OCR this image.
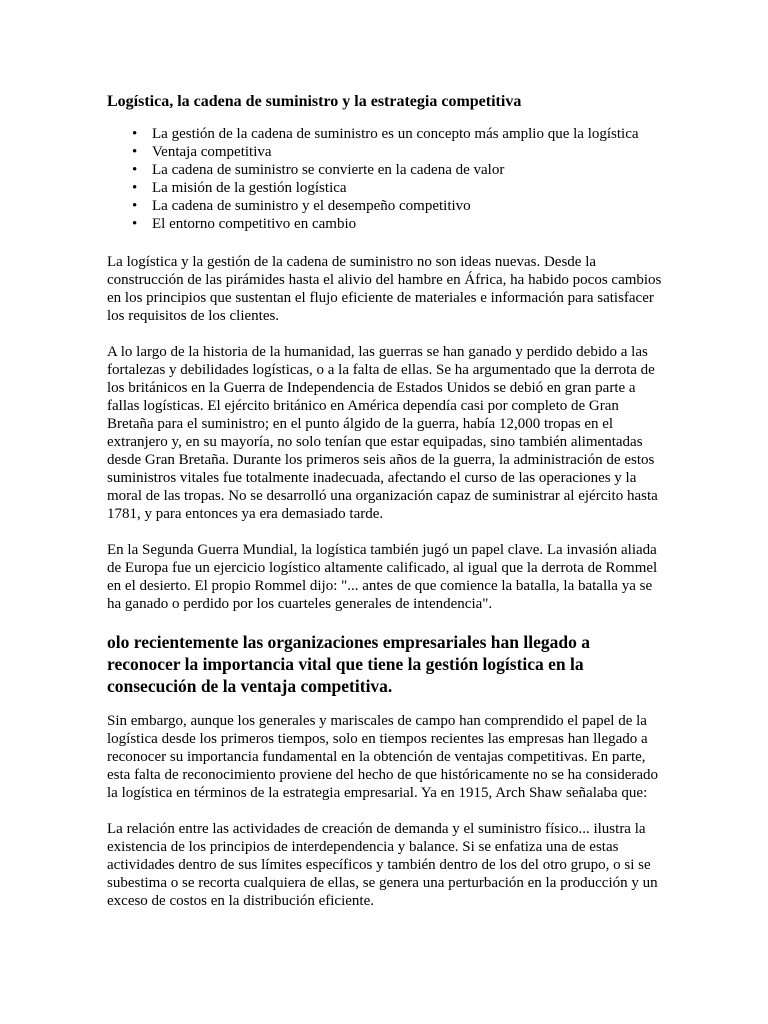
Logística, la cadena de suministro y la estrategia competitiva
• La gestión de la cadena de suministro es un concepto más amplio que la logística
• Ventaja competitiva
• La cadena de suministro se convierte en la cadena de valor
• La misión de la gestión logística
• La cadena de suministro y el desempeño competitivo
• El entorno competitivo en cambio

La logística y la gestión de la cadena de suministro no son ideas nuevas. Desde la construcción de las pirámides hasta el alivio del hambre en África, ha habido pocos cambios en los principios que sustentan el flujo eficiente de materiales e información para satisfacer los requisitos de los clientes.

A lo largo de la historia de la humanidad, las guerras se han ganado y perdido debido a las fortalezas y debilidades logísticas, o a la falta de ellas. Se ha argumentado que la derrota de los británicos en la Guerra de Independencia de Estados Unidos se debió en gran parte a fallas logísticas. El ejército británico en América dependía casi por completo de Gran Bretaña para el suministro; en el punto álgido de la guerra, había 12,000 tropas en el extranjero y, en su mayoría, no solo tenían que estar equipadas, sino también alimentadas desde Gran Bretaña. Durante los primeros seis años de la guerra, la administración de estos suministros vitales fue totalmente inadecuada, afectando el curso de las operaciones y la moral de las tropas. No se desarrolló una organización capaz de suministrar al ejército hasta 1781, y para entonces ya era demasiado tarde.

En la Segunda Guerra Mundial, la logística también jugó un papel clave. La invasión aliada de Europa fue un ejercicio logístico altamente calificado, al igual que la derrota de Rommel en el desierto. El propio Rommel dijo: "... antes de que comience la batalla, la batalla ya se ha ganado o perdido por los cuarteles generales de intendencia".

olo recientemente las organizaciones empresariales han llegado a reconocer la importancia vital que tiene la gestión logística en la consecución de la ventaja competitiva.

Sin embargo, aunque los generales y mariscales de campo han comprendido el papel de la logística desde los primeros tiempos, solo en tiempos recientes las empresas han llegado a reconocer su importancia fundamental en la obtención de ventajas competitivas. En parte, esta falta de reconocimiento proviene del hecho de que históricamente no se ha considerado la logística en términos de la estrategia empresarial. Ya en 1915, Arch Shaw señalaba que:

La relación entre las actividades de creación de demanda y el suministro físico... ilustra la existencia de los principios de interdependencia y balance. Si se enfatiza una de estas actividades dentro de sus límites específicos y también dentro de los del otro grupo, o si se subestima o se recorta cualquiera de ellas, se genera una perturbación en la producción y un exceso de costos en la distribución eficiente.
